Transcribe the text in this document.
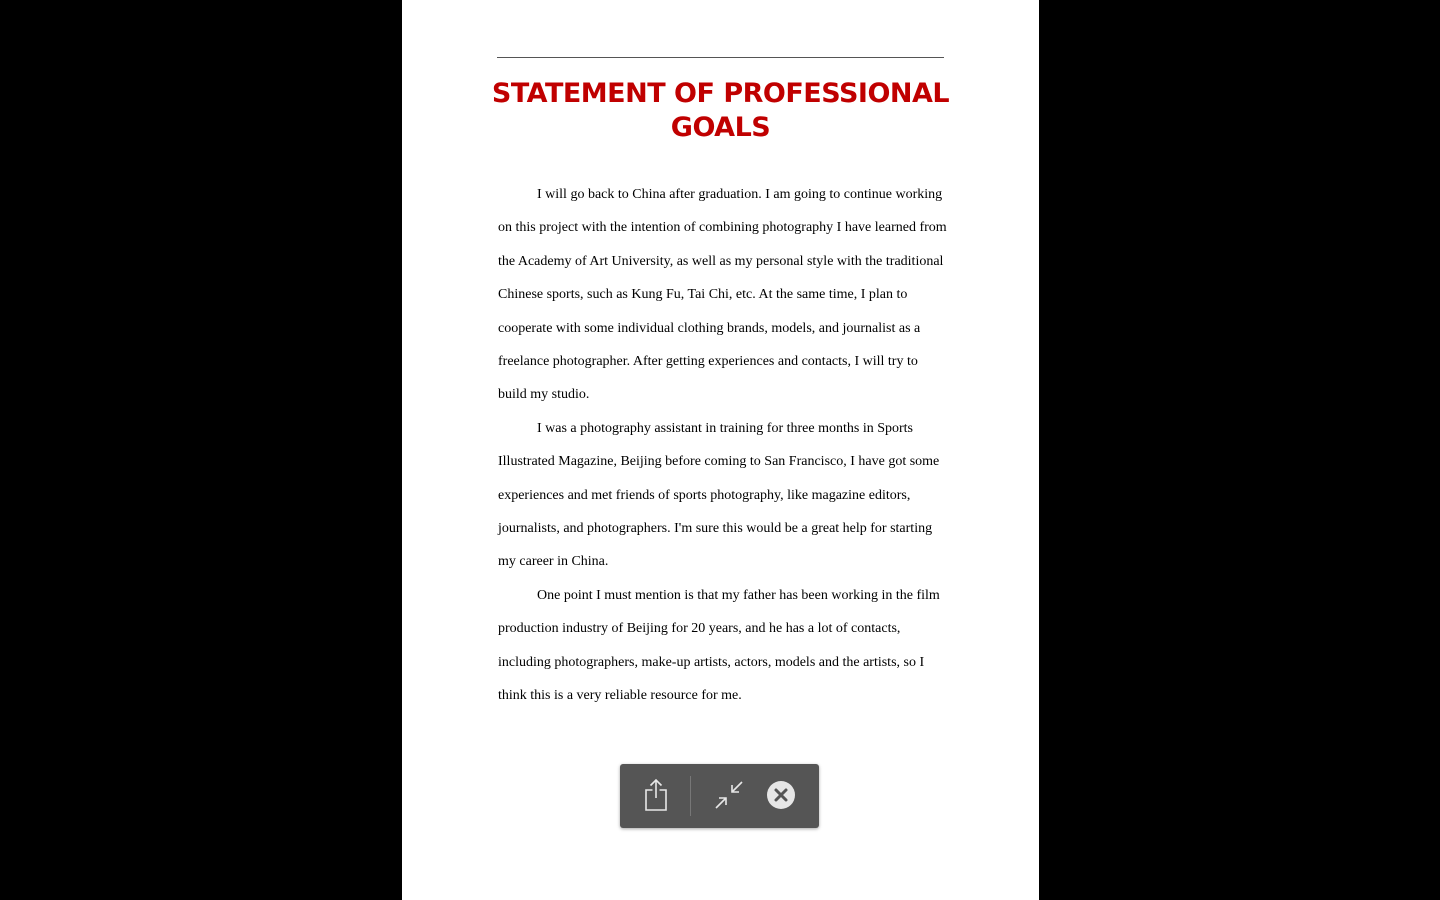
STATEMENT OF PROFESSIONAL GOALS

I will go back to China after graduation. I am going to continue working on this project with the intention of combining photography I have learned from the Academy of Art University, as well as my personal style with the traditional Chinese sports, such as Kung Fu, Tai Chi, etc. At the same time, I plan to cooperate with some individual clothing brands, models, and journalist as a freelance photographer. After getting experiences and contacts, I will try to build my studio.

I was a photography assistant in training for three months in Sports Illustrated Magazine, Beijing before coming to San Francisco, I have got some experiences and met friends of sports photography, like magazine editors, journalists, and photographers. I'm sure this would be a great help for starting my career in China.

One point I must mention is that my father has been working in the film production industry of Beijing for 20 years, and he has a lot of contacts, including photographers, make-up artists, actors, models and the artists, so I think this is a very reliable resource for me.
